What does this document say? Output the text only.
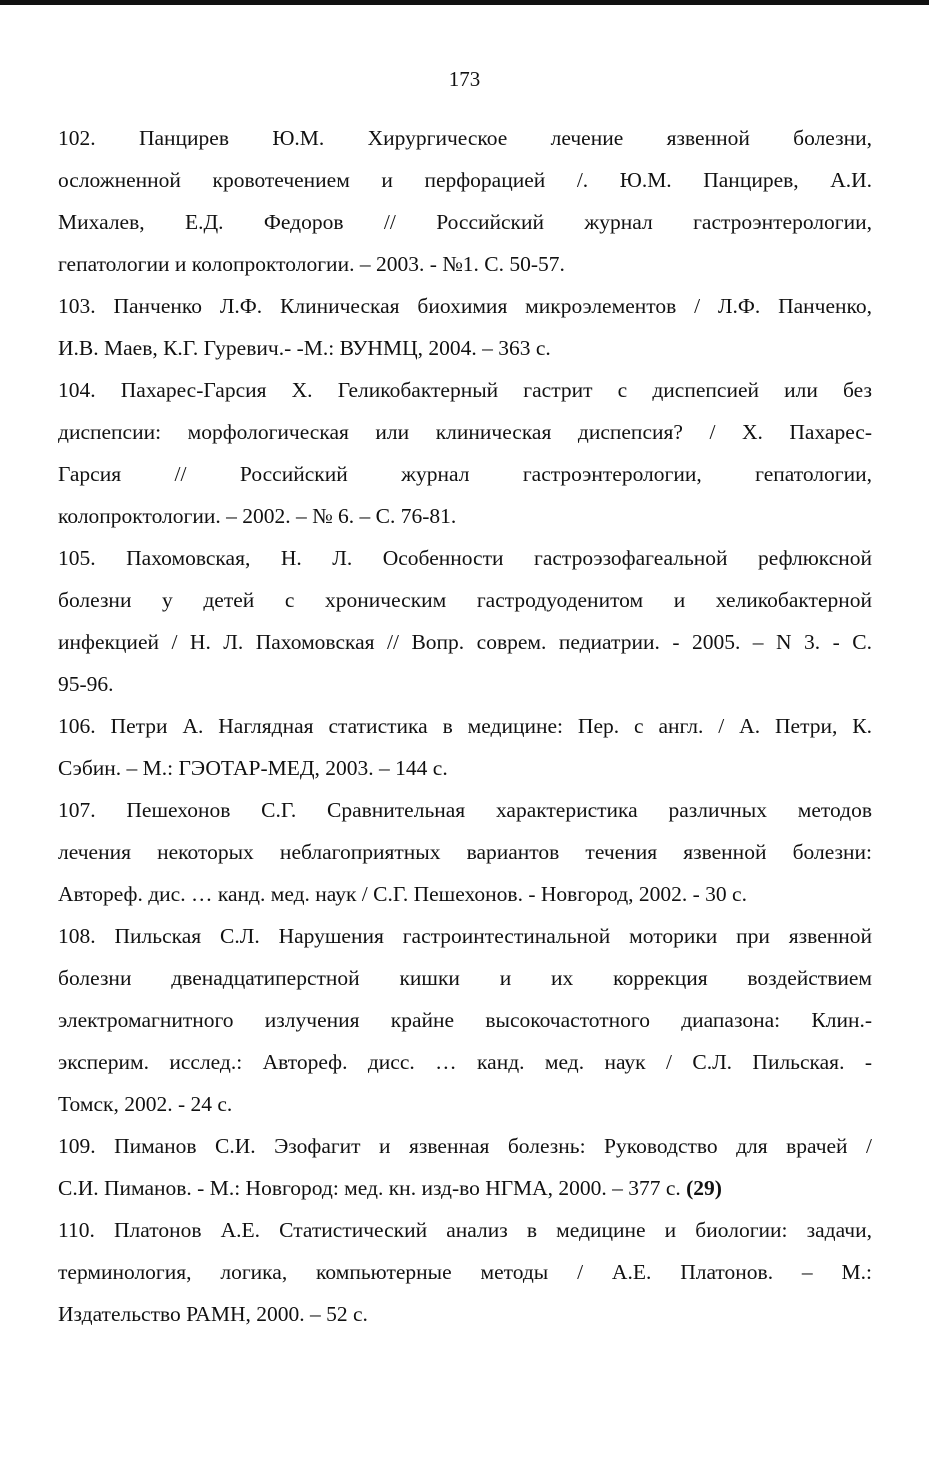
173
102. Панцирев Ю.М. Хирургическое лечение язвенной болезни,
осложненной кровотечением и перфорацией /. Ю.М. Панцирев, А.И.
Михалев, Е.Д. Федоров // Российский журнал гастроэнтерологии,
гепатологии и колопроктологии. – 2003. - №1. С. 50-57.
103. Панченко Л.Ф. Клиническая биохимия микроэлементов / Л.Ф. Панченко,
И.В. Маев, К.Г. Гуревич.- -М.: ВУНМЦ, 2004. – 363 с.
104. Пахарес-Гарсия Х. Геликобактерный гастрит с диспепсией или без
диспепсии: морфологическая или клиническая диспепсия? / Х. Пахарес-
Гарсия // Российский журнал гастроэнтерологии, гепатологии,
колопроктологии. – 2002. – № 6. – С. 76-81.
105. Пахомовская, Н. Л. Особенности гастроэзофагеальной рефлюксной
болезни у детей с хроническим гастродуоденитом и хеликобактерной
инфекцией / Н. Л. Пахомовская // Вопр. соврем. педиатрии. - 2005. – N 3. - С.
95-96.
106. Петри А. Наглядная статистика в медицине: Пер. с англ. / А. Петри, К.
Сэбин. – М.: ГЭОТАР-МЕД, 2003. – 144 с.
107. Пешехонов С.Г. Сравнительная характеристика различных методов
лечения некоторых неблагоприятных вариантов течения язвенной болезни:
Автореф. дис. … канд. мед. наук / С.Г. Пешехонов. - Новгород, 2002. - 30 с.
108. Пильская С.Л. Нарушения гастроинтестинальной моторики при язвенной
болезни двенадцатиперстной кишки и их коррекция воздействием
электромагнитного излучения крайне высокочастотного диапазона: Клин.-
эксперим. исслед.: Автореф. дисс. … канд. мед. наук / С.Л. Пильская. -
Томск, 2002. - 24 с.
109. Пиманов С.И. Эзофагит и язвенная болезнь: Руководство для врачей /
С.И. Пиманов. - М.: Новгород: мед. кн. изд-во НГМА, 2000. – 377 с. (29)
110. Платонов А.Е. Статистический анализ в медицине и биологии: задачи,
терминология, логика, компьютерные методы / А.Е. Платонов. – М.:
Издательство РАМН, 2000. – 52 с.
